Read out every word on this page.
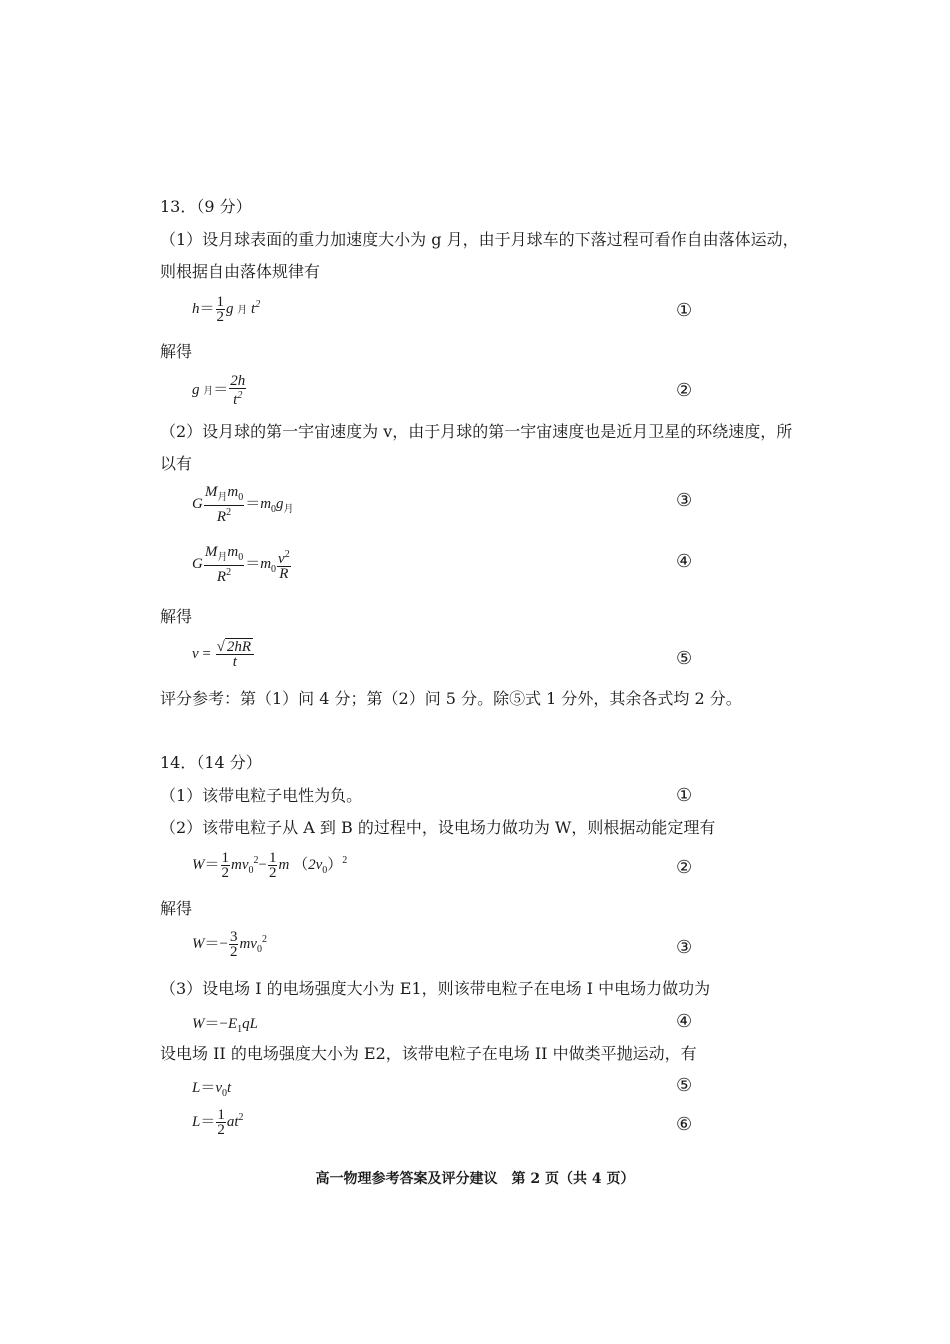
13．（9 分）
（1）设月球表面的重力加速度大小为 g 月，由于月球车的下落过程可看作自由落体运动，
则根据自由落体规律有
$h= \frac{1}{2}$ g 月 $t^2$	①
解得
g 月＝ $\frac{2h}{t^2}$	②
（2）设月球的第一宇宙速度为 v，由于月球的第一宇宙速度也是近月卫星的环绕速度，所
以有
G $\frac{M_月m_0}{R^2} =m_0g_月$	③
G $\frac{M_月m_0}{R^2} =m_0 \frac{v^2}{R}$	④
解得
$v = \frac{√ 2hR}{t}$	⑤
评分参考：第（1）问 4 分；第（2）问 5 分。除⑤式 1 分外，其余各式均 2 分。
14．（14 分）
（1）该带电粒子电性为负。	①
（2）该带电粒子从 A 到 B 的过程中，设电场力做功为 W，则根据动能定理有
$W= \frac{1}{2} mv_0^2- \frac{1}{2}$ m $(2v_0)^2$	②
解得
$W=- \frac{3}{2} mv_0^2$	③
（3）设电场 I 的电场强度大小为 E1，则该带电粒子在电场 I 中电场力做功为
$W=-E_1qL$	④
设电场 II 的电场强度大小为 E2，该带电粒子在电场 II 中做类平抛运动，有
$L=v_0t$	⑤
$L= \frac{1}{2} at^2$	⑥
高一物理参考答案及评分建议　第 2 页（共 4 页）
